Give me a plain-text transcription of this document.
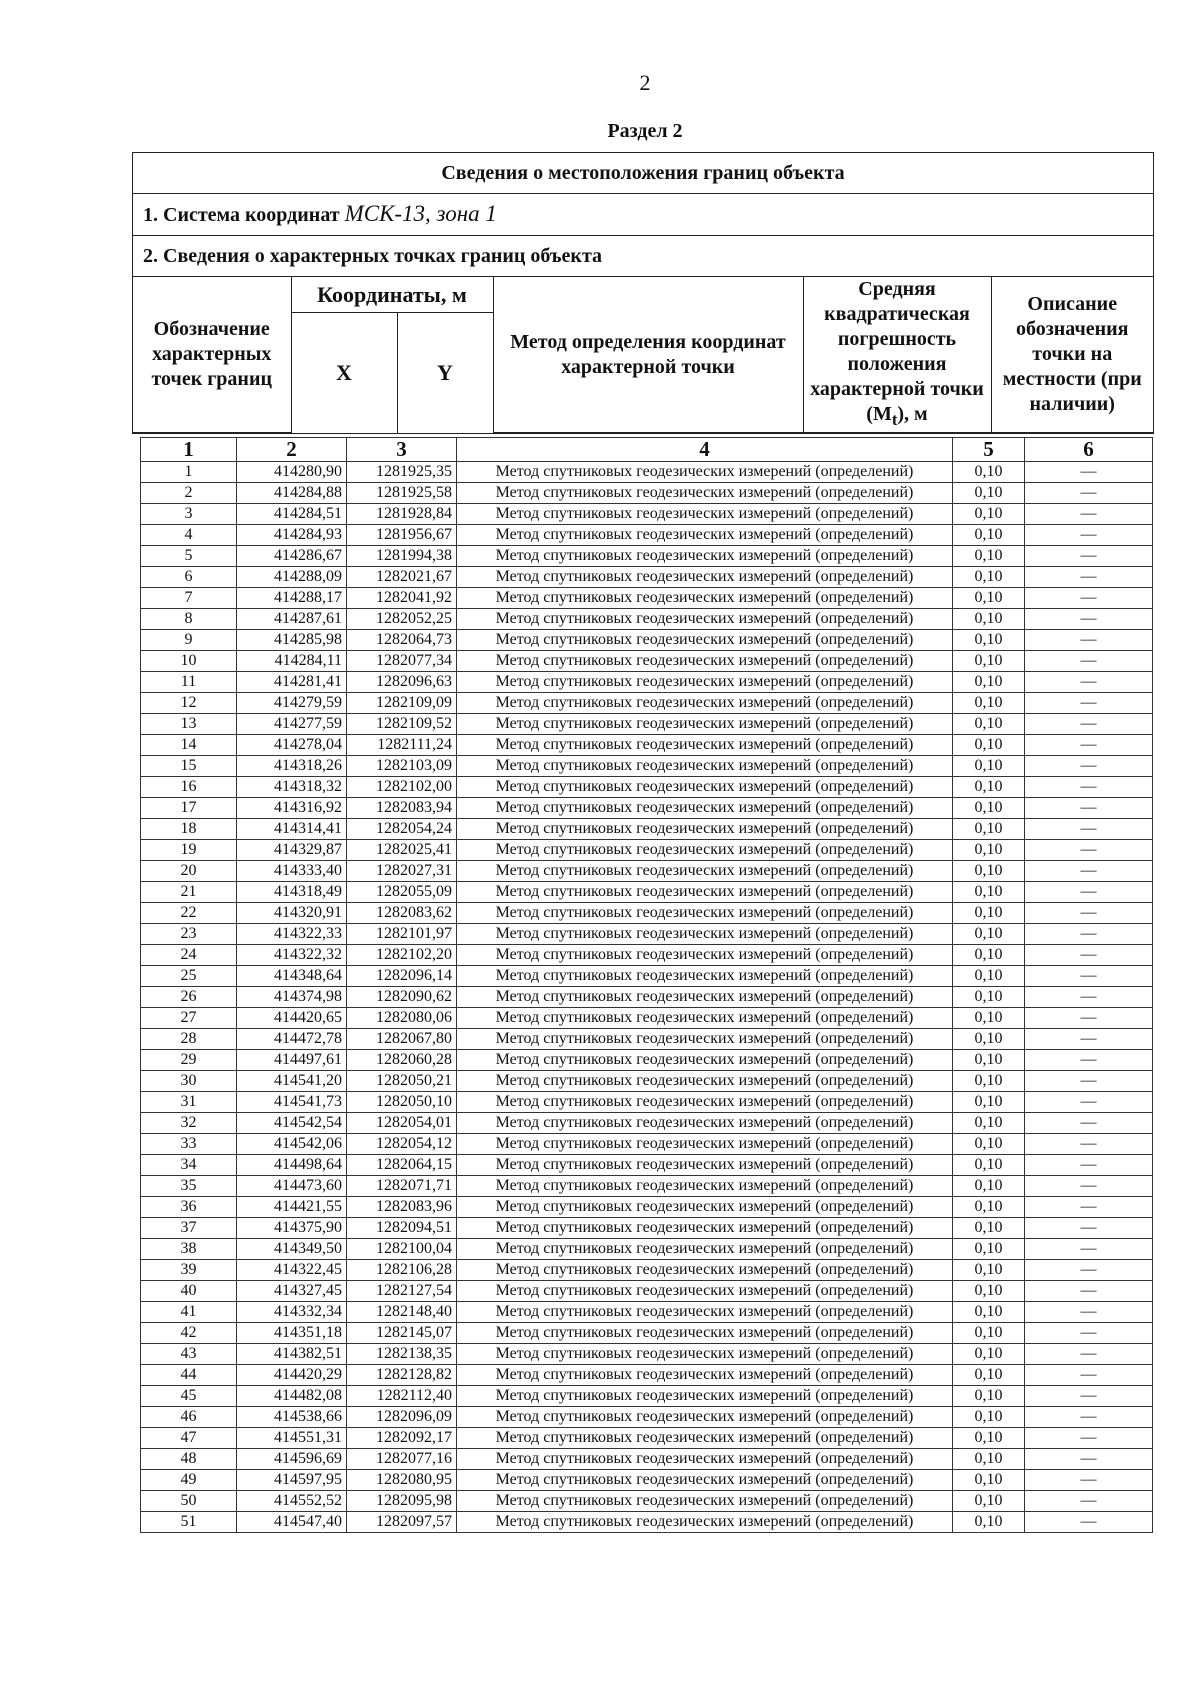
2
Раздел 2
Сведения о местоположения границ объекта
1. Система координат МСК-13, зона 1
2. Сведения о характерных точках границ объекта
Обозначение характерных точек границ	Координаты, м		Метод определения координат характерной точки	Средняя квадратическая погрешность положения характерной точки $(M_t)$, м	Описание обозначения точки на местности (при наличии)
	X	Y			
1	2	3	4	5	6
1	414280,90	1281925,35	Метод спутниковых геодезических измерений (определений)	0,10	—
2	414284,88	1281925,58	Метод спутниковых геодезических измерений (определений)	0,10	—
3	414284,51	1281928,84	Метод спутниковых геодезических измерений (определений)	0,10	—
4	414284,93	1281956,67	Метод спутниковых геодезических измерений (определений)	0,10	—
5	414286,67	1281994,38	Метод спутниковых геодезических измерений (определений)	0,10	—
6	414288,09	1282021,67	Метод спутниковых геодезических измерений (определений)	0,10	—
7	414288,17	1282041,92	Метод спутниковых геодезических измерений (определений)	0,10	—
8	414287,61	1282052,25	Метод спутниковых геодезических измерений (определений)	0,10	—
9	414285,98	1282064,73	Метод спутниковых геодезических измерений (определений)	0,10	—
10	414284,11	1282077,34	Метод спутниковых геодезических измерений (определений)	0,10	—
11	414281,41	1282096,63	Метод спутниковых геодезических измерений (определений)	0,10	—
12	414279,59	1282109,09	Метод спутниковых геодезических измерений (определений)	0,10	—
13	414277,59	1282109,52	Метод спутниковых геодезических измерений (определений)	0,10	—
14	414278,04	1282111,24	Метод спутниковых геодезических измерений (определений)	0,10	—
15	414318,26	1282103,09	Метод спутниковых геодезических измерений (определений)	0,10	—
16	414318,32	1282102,00	Метод спутниковых геодезических измерений (определений)	0,10	—
17	414316,92	1282083,94	Метод спутниковых геодезических измерений (определений)	0,10	—
18	414314,41	1282054,24	Метод спутниковых геодезических измерений (определений)	0,10	—
19	414329,87	1282025,41	Метод спутниковых геодезических измерений (определений)	0,10	—
20	414333,40	1282027,31	Метод спутниковых геодезических измерений (определений)	0,10	—
21	414318,49	1282055,09	Метод спутниковых геодезических измерений (определений)	0,10	—
22	414320,91	1282083,62	Метод спутниковых геодезических измерений (определений)	0,10	—
23	414322,33	1282101,97	Метод спутниковых геодезических измерений (определений)	0,10	—
24	414322,32	1282102,20	Метод спутниковых геодезических измерений (определений)	0,10	—
25	414348,64	1282096,14	Метод спутниковых геодезических измерений (определений)	0,10	—
26	414374,98	1282090,62	Метод спутниковых геодезических измерений (определений)	0,10	—
27	414420,65	1282080,06	Метод спутниковых геодезических измерений (определений)	0,10	—
28	414472,78	1282067,80	Метод спутниковых геодезических измерений (определений)	0,10	—
29	414497,61	1282060,28	Метод спутниковых геодезических измерений (определений)	0,10	—
30	414541,20	1282050,21	Метод спутниковых геодезических измерений (определений)	0,10	—
31	414541,73	1282050,10	Метод спутниковых геодезических измерений (определений)	0,10	—
32	414542,54	1282054,01	Метод спутниковых геодезических измерений (определений)	0,10	—
33	414542,06	1282054,12	Метод спутниковых геодезических измерений (определений)	0,10	—
34	414498,64	1282064,15	Метод спутниковых геодезических измерений (определений)	0,10	—
35	414473,60	1282071,71	Метод спутниковых геодезических измерений (определений)	0,10	—
36	414421,55	1282083,96	Метод спутниковых геодезических измерений (определений)	0,10	—
37	414375,90	1282094,51	Метод спутниковых геодезических измерений (определений)	0,10	—
38	414349,50	1282100,04	Метод спутниковых геодезических измерений (определений)	0,10	—
39	414322,45	1282106,28	Метод спутниковых геодезических измерений (определений)	0,10	—
40	414327,45	1282127,54	Метод спутниковых геодезических измерений (определений)	0,10	—
41	414332,34	1282148,40	Метод спутниковых геодезических измерений (определений)	0,10	—
42	414351,18	1282145,07	Метод спутниковых геодезических измерений (определений)	0,10	—
43	414382,51	1282138,35	Метод спутниковых геодезических измерений (определений)	0,10	—
44	414420,29	1282128,82	Метод спутниковых геодезических измерений (определений)	0,10	—
45	414482,08	1282112,40	Метод спутниковых геодезических измерений (определений)	0,10	—
46	414538,66	1282096,09	Метод спутниковых геодезических измерений (определений)	0,10	—
47	414551,31	1282092,17	Метод спутниковых геодезических измерений (определений)	0,10	—
48	414596,69	1282077,16	Метод спутниковых геодезических измерений (определений)	0,10	—
49	414597,95	1282080,95	Метод спутниковых геодезических измерений (определений)	0,10	—
50	414552,52	1282095,98	Метод спутниковых геодезических измерений (определений)	0,10	—
51	414547,40	1282097,57	Метод спутниковых геодезических измерений (определений)	0,10	—
